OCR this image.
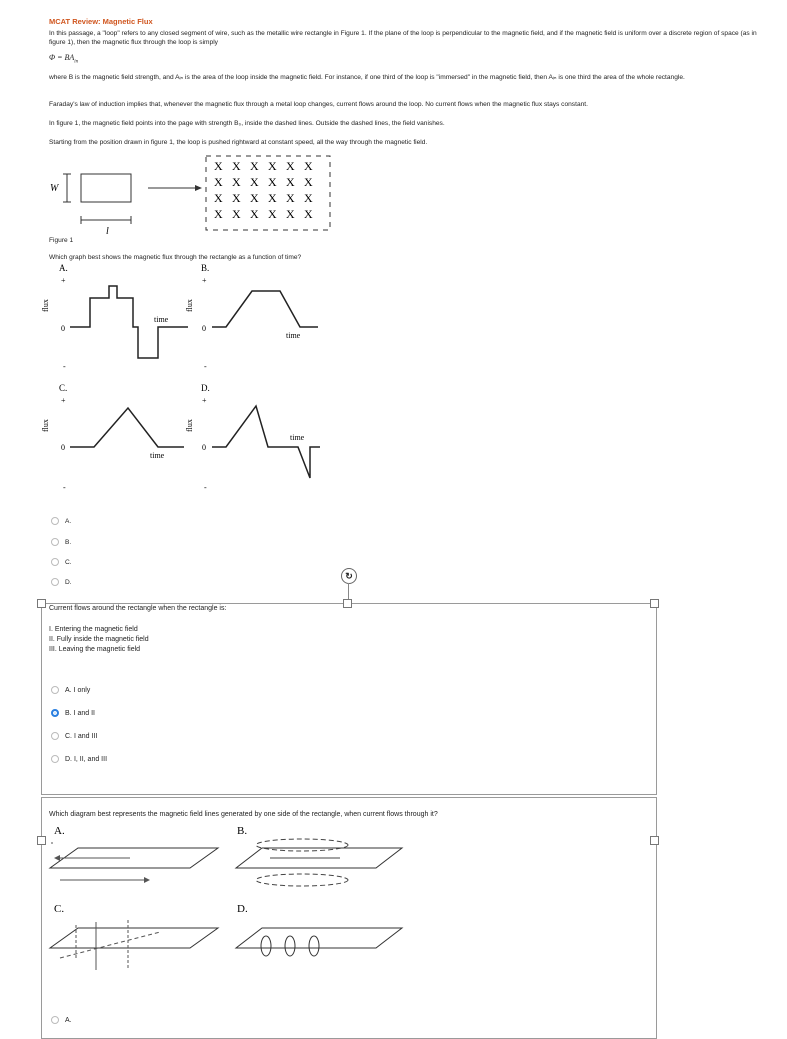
MCAT Review: Magnetic Flux
In this passage, a "loop" refers to any closed segment of wire, such as the metallic wire rectangle in Figure 1. If the plane of the loop is perpendicular to the magnetic field, and if the magnetic field is uniform over a discrete region of space (as in figure 1), then the magnetic flux through the loop is simply
$\Phi = BA_{in}$
where B is the magnetic field strength, and Aᵢₙ is the area of the loop inside the magnetic field. For instance, if one third of the loop is "immersed" in the magnetic field, then Aᵢₙ is one third the area of the whole rectangle.
Faraday's law of induction implies that, whenever the magnetic flux through a metal loop changes, current flows around the loop. No current flows when the magnetic flux stays constant.
In figure 1, the magnetic field points into the page with strength B₀, inside the dashed lines. Outside the dashed lines, the field vanishes.
Starting from the position drawn in figure 1, the loop is pushed rightward at constant speed, all the way through the magnetic field.
W
l
X X X X X X
X X X X X X
X X X X X X
X X X X X X
Figure 1
Which graph best shows the magnetic flux through the rectangle as a function of time?
A.
+
0
-
flux
time
B.
+
0
-
flux
time
C.
+
0
-
flux
time
D.
+
0
-
flux
time
A.
B.
C.
D.
↻
Current flows around the rectangle when the rectangle is:
I. Entering the magnetic field
II. Fully inside the magnetic field
III. Leaving the magnetic field
A. I only
B. I and II
C. I and III
D. I, II, and III
Which diagram best represents the magnetic field lines generated by one side of the rectangle, when current flows through it?
A.	B.
C.	D.
A.
